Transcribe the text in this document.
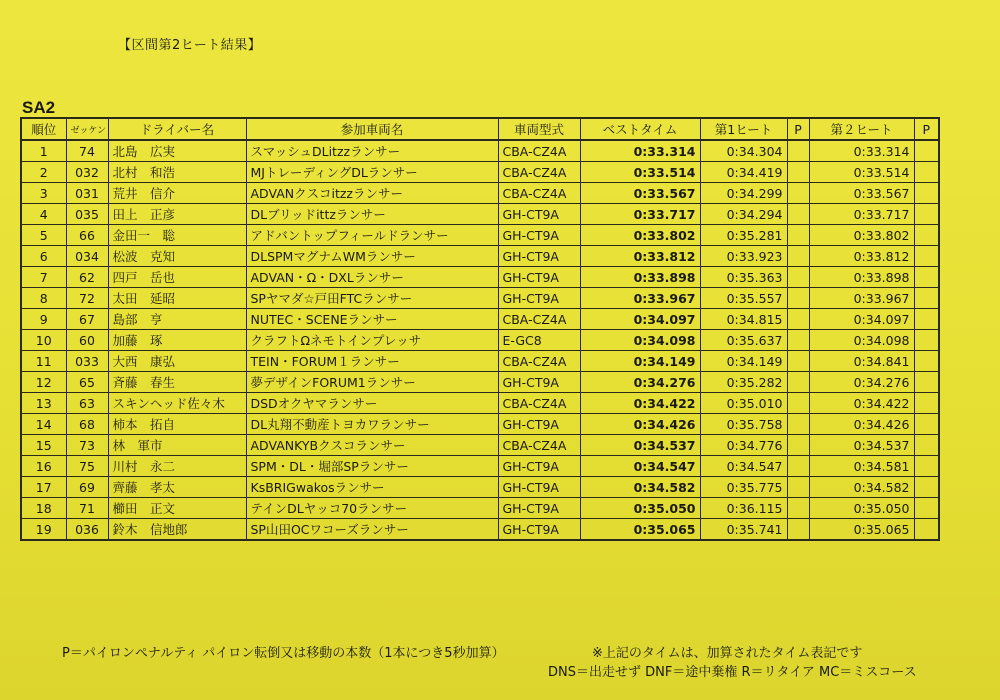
【区間第2ヒート結果】
SA2
順位	ゼッケン	ドライバー名	参加車両名	車両型式	ベストタイム	第1ヒート	P	第２ヒート	P
1	74	北島　広実	スマッシュDLitzzランサー	CBA-CZ4A	0:33.314	0:34.304		0:33.314	
2	032	北村　和浩	MJトレーディングDLランサー	CBA-CZ4A	0:33.514	0:34.419		0:33.514	
3	031	荒井　信介	ADVANクスコitzzランサー	CBA-CZ4A	0:33.567	0:34.299		0:33.567	
4	035	田上　正彦	DLブリッドittzランサー	GH-CT9A	0:33.717	0:34.294		0:33.717	
5	66	金田一　聡	アドバントップフィールドランサー	GH-CT9A	0:33.802	0:35.281		0:33.802	
6	034	松波　克知	DLSPMマグナムWMランサー	GH-CT9A	0:33.812	0:33.923		0:33.812	
7	62	四戸　岳也	ADVAN・Ω・DXLランサー	GH-CT9A	0:33.898	0:35.363		0:33.898	
8	72	太田　延昭	SPヤマダ☆戸田FTCランサー	GH-CT9A	0:33.967	0:35.557		0:33.967	
9	67	島部　亨	NUTEC・SCENEランサー	CBA-CZ4A	0:34.097	0:34.815		0:34.097	
10	60	加藤　琢	クラフトΩネモトインプレッサ	E-GC8	0:34.098	0:35.637		0:34.098	
11	033	大西　康弘	TEIN・FORUM１ランサー	CBA-CZ4A	0:34.149	0:34.149		0:34.841	
12	65	斉藤　春生	夢デザインFORUM1ランサー	GH-CT9A	0:34.276	0:35.282		0:34.276	
13	63	スキンヘッド佐々木	DSDオクヤマランサー	CBA-CZ4A	0:34.422	0:35.010		0:34.422	
14	68	柿本　拓自	DL丸翔不動産トヨカワランサー	GH-CT9A	0:34.426	0:35.758		0:34.426	
15	73	林　軍市	ADVANKYBクスコランサー	CBA-CZ4A	0:34.537	0:34.776		0:34.537	
16	75	川村　永二	SPM・DL・堀部SPランサー	GH-CT9A	0:34.547	0:34.547		0:34.581	
17	69	齊藤　孝太	KsBRIGwakosランサー	GH-CT9A	0:34.582	0:35.775		0:34.582	
18	71	櫛田　正文	テインDLヤッコ70ランサー	GH-CT9A	0:35.050	0:36.115		0:35.050	
19	036	鈴木　信地郎	SP山田OCワコーズランサー	GH-CT9A	0:35.065	0:35.741		0:35.065	
P＝パイロンペナルティ パイロン転倒又は移動の本数（1本につき5秒加算）	※上記のタイムは、加算されたタイム表記です
DNS＝出走せず DNF＝途中棄権 R＝リタイア MC＝ミスコース
